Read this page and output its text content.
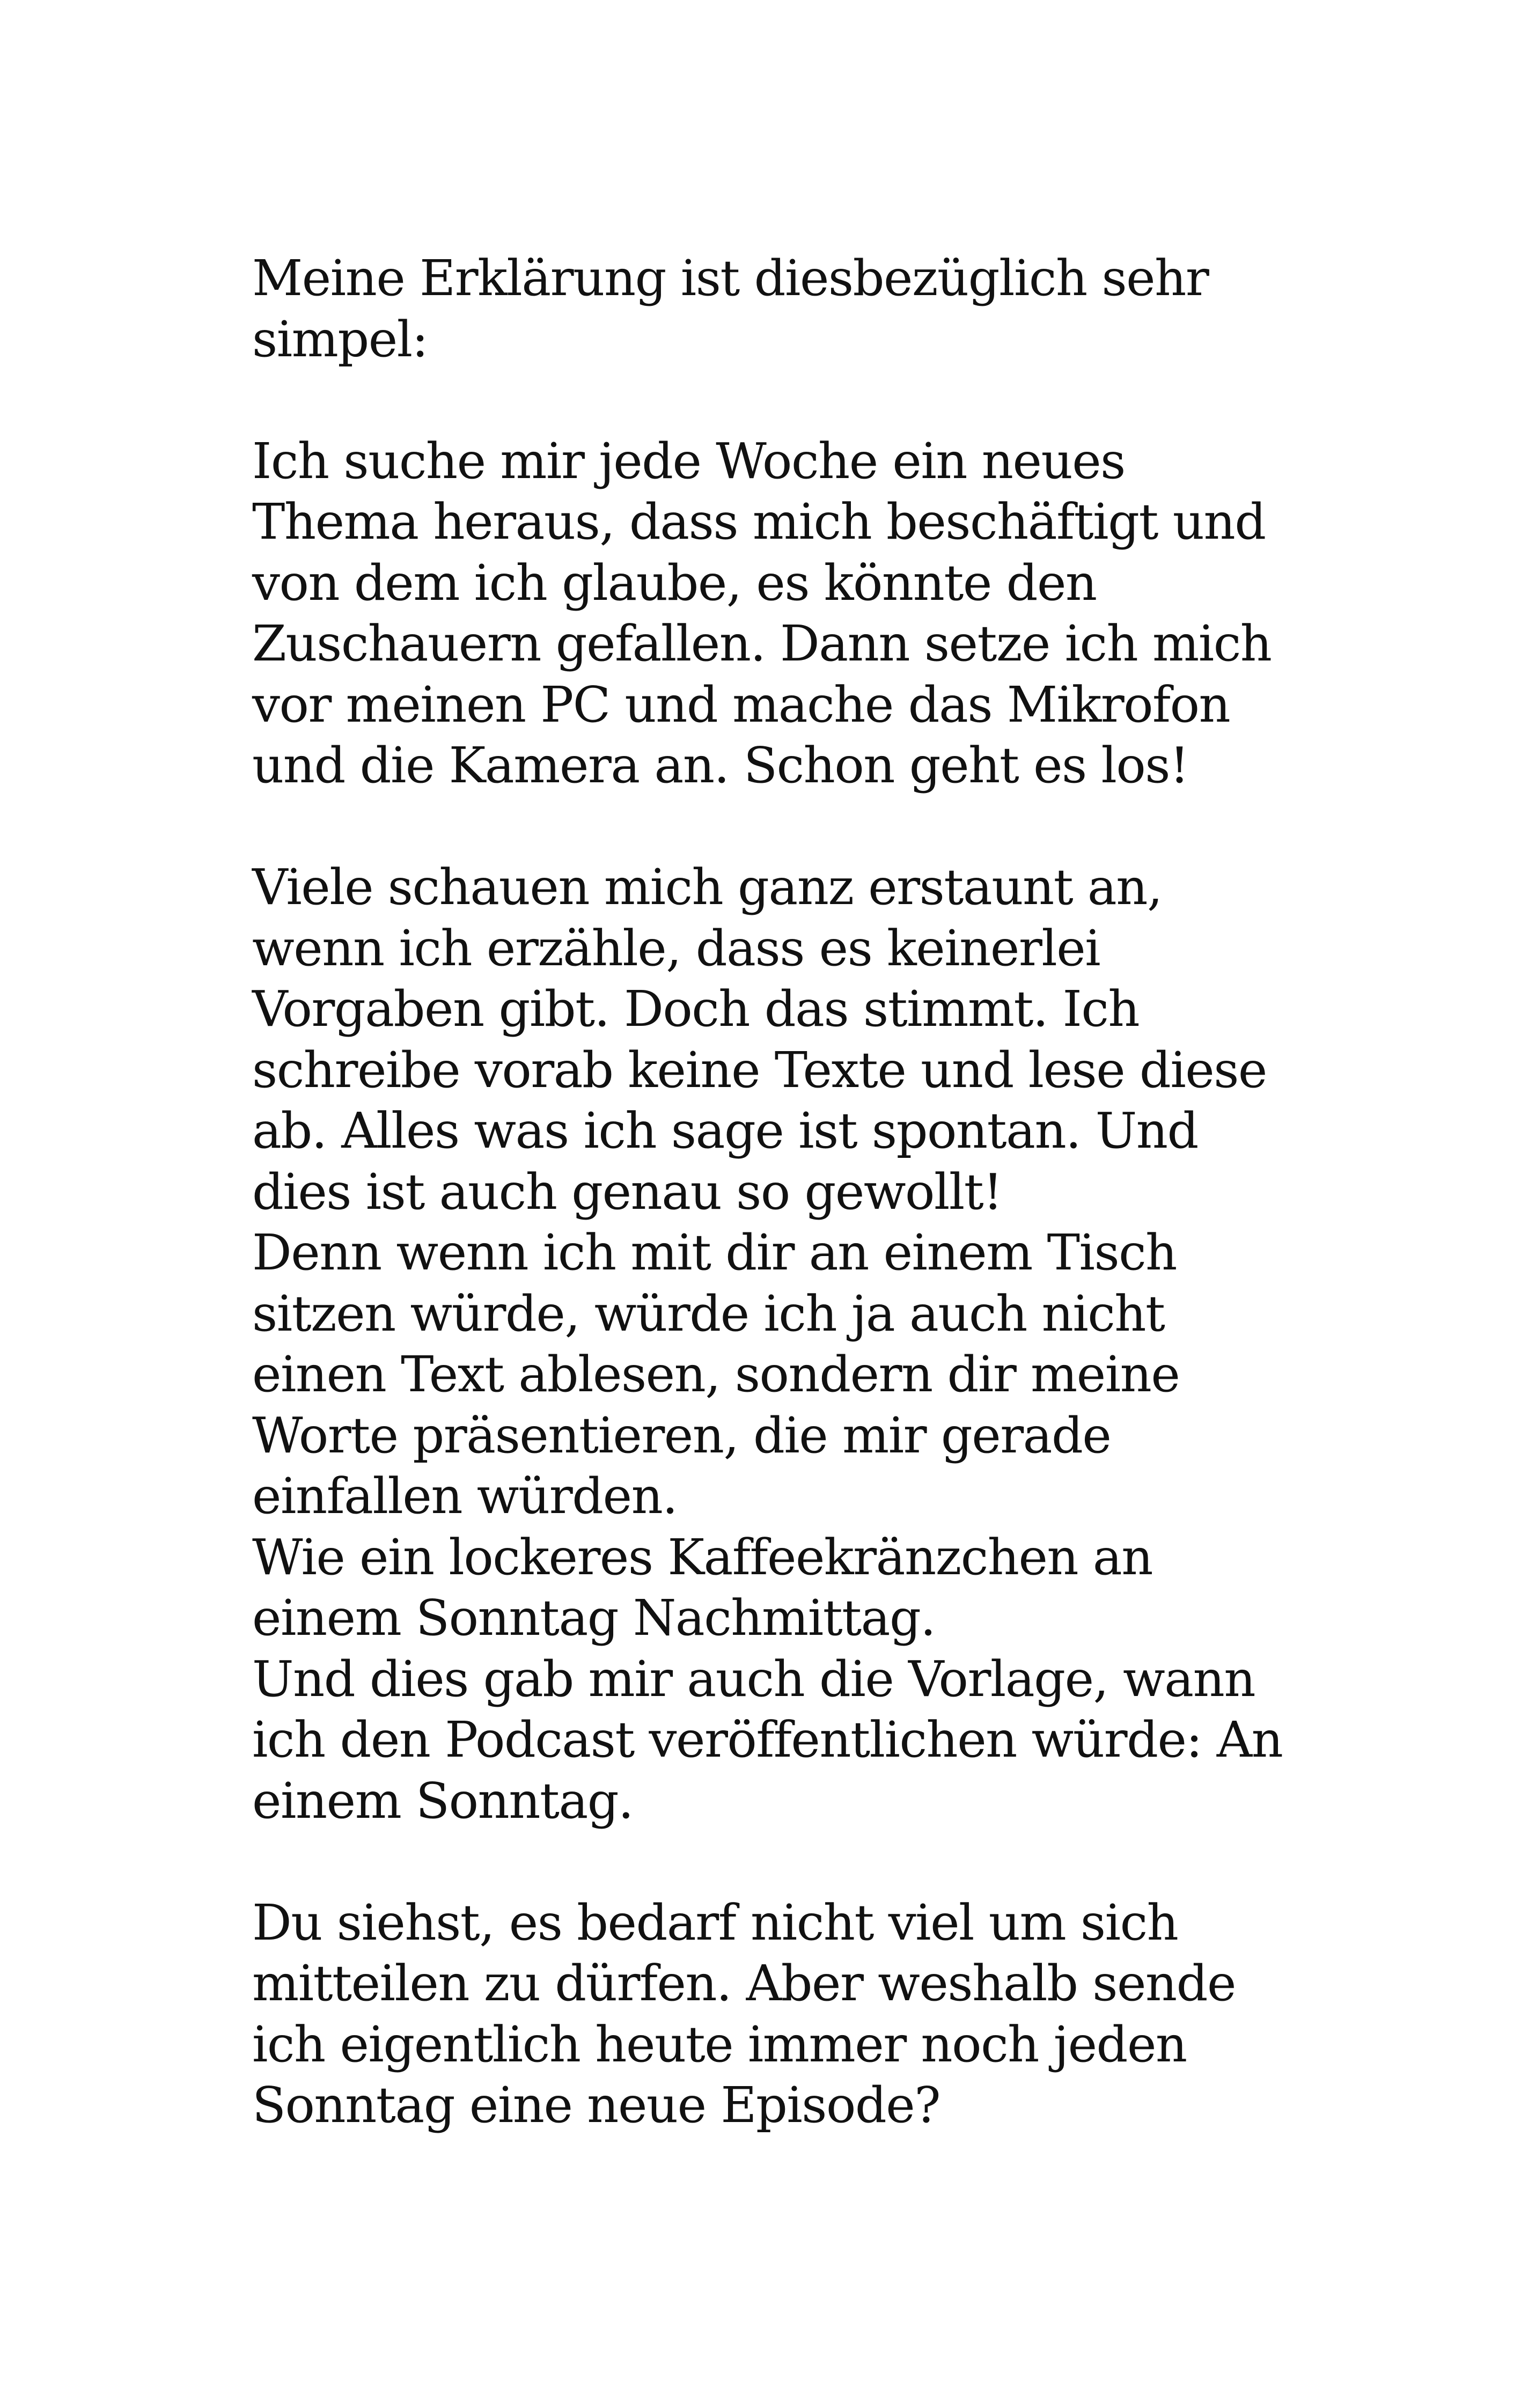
Meine Erklärung ist diesbezüglich sehr
simpel:

Ich suche mir jede Woche ein neues
Thema heraus, dass mich beschäftigt und
von dem ich glaube, es könnte den
Zuschauern gefallen. Dann setze ich mich
vor meinen PC und mache das Mikrofon
und die Kamera an. Schon geht es los!

Viele schauen mich ganz erstaunt an,
wenn ich erzähle, dass es keinerlei
Vorgaben gibt. Doch das stimmt. Ich
schreibe vorab keine Texte und lese diese
ab. Alles was ich sage ist spontan. Und
dies ist auch genau so gewollt!
Denn wenn ich mit dir an einem Tisch
sitzen würde, würde ich ja auch nicht
einen Text ablesen, sondern dir meine
Worte präsentieren, die mir gerade
einfallen würden.
Wie ein lockeres Kaffeekränzchen an
einem Sonntag Nachmittag.
Und dies gab mir auch die Vorlage, wann
ich den Podcast veröffentlichen würde: An
einem Sonntag.

Du siehst, es bedarf nicht viel um sich
mitteilen zu dürfen. Aber weshalb sende
ich eigentlich heute immer noch jeden
Sonntag eine neue Episode?
